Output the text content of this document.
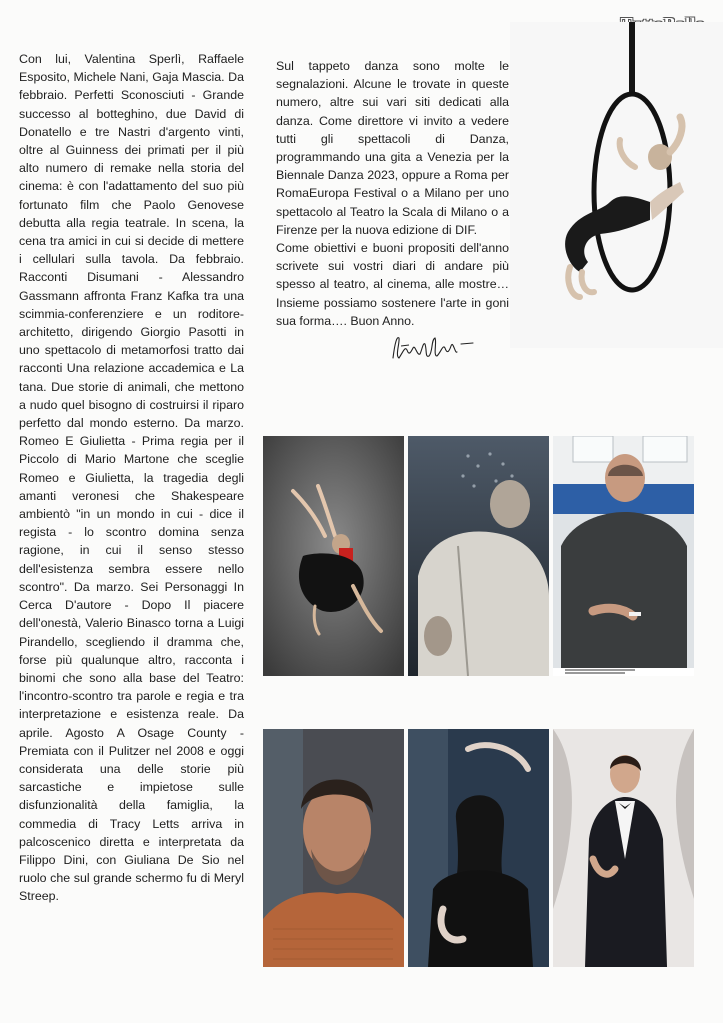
Con lui, Valentina Sperlì, Raffaele Esposito, Michele Nani, Gaja Mascia. Da febbraio. Perfetti Sconosciuti - Grande successo al botteghino, due David di Donatello e tre Nastri d'argento vinti, oltre al Guinness dei primati per il più alto numero di remake nella storia del cinema: è con l'adattamento del suo più fortunato film che Paolo Genovese debutta alla regia teatrale. In scena, la cena tra amici in cui si decide di mettere i cellulari sulla tavola. Da febbraio. Racconti Disumani - Alessandro Gassmann affronta Franz Kafka tra una scimmia-conferenziere e un roditore-architetto, dirigendo Giorgio Pasotti in uno spettacolo di metamorfosi tratto dai racconti Una relazione accademica e La tana. Due storie di animali, che mettono a nudo quel bisogno di costruirsi il riparo perfetto dal mondo esterno. Da marzo. Romeo E Giulietta - Prima regia per il Piccolo di Mario Martone che sceglie Romeo e Giulietta, la tragedia degli amanti veronesi che Shakespeare ambientò "in un mondo in cui - dice il regista - lo scontro domina senza ragione, in cui il senso stesso dell'esistenza sembra essere nello scontro". Da marzo. Sei Personaggi In Cerca D'autore - Dopo Il piacere dell'onestà, Valerio Binasco torna a Luigi Pirandello, scegliendo il dramma che, forse più qualunque altro, racconta i binomi che sono alla base del Teatro: l'incontro-scontro tra parole e regia e tra interpretazione e esistenza reale. Da aprile. Agosto A Osage County - Premiata con il Pulitzer nel 2008 e oggi considerata una delle storie più sarcastiche e impietose sulle disfunzionalità della famiglia, la commedia di Tracy Letts arriva in palcoscenico diretta e interpretata da Filippo Dini, con Giuliana De Sio nel ruolo che sul grande schermo fu di Meryl Streep.

Sul tappeto danza sono molte le segnalazioni. Alcune le trovate in queste numero, altre sui vari siti dedicati alla danza. Come direttore vi invito a vedere tutti gli spettacoli di Danza, programmando una gita a Venezia per la Biennale Danza 2023, oppure a Roma per RomaEuropa Festival o a Milano per uno spettacolo al Teatro la Scala di Milano o a Firenze per la nuova edizione di DIF.

Come obiettivi e buoni propositi dell'anno scrivete sui vostri diari di andare più spesso al teatro, al cinema, alle mostre… Insieme possiamo sostenere l'arte in goni sua forma…. Buon Anno.
